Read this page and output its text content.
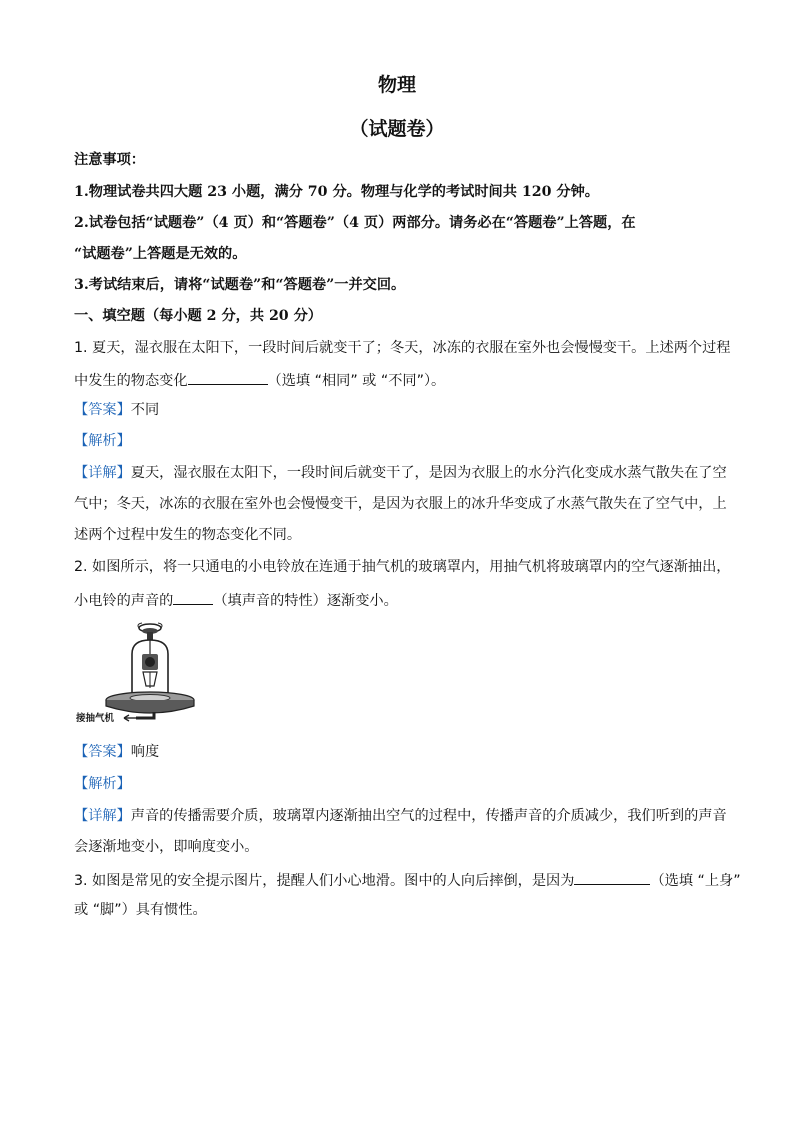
物理
（试题卷）
注意事项：
1.物理试卷共四大题 23 小题，满分 70 分。物理与化学的考试时间共 120 分钟。
2.试卷包括“试题卷”（4 页）和“答题卷”（4 页）两部分。请务必在“答题卷”上答题，在
“试题卷”上答题是无效的。
3.考试结束后，请将“试题卷”和“答题卷”一并交回。
一、填空题（每小题 2 分，共 20 分）
1. 夏天，湿衣服在太阳下，一段时间后就变干了；冬天，冰冻的衣服在室外也会慢慢变干。上述两个过程
中发生的物态变化	（选填 “相同” 或 “不同”）。
【答案】不同
【解析】
【详解】夏天，湿衣服在太阳下，一段时间后就变干了，是因为衣服上的水分汽化变成水蒸气散失在了空
气中；冬天，冰冻的衣服在室外也会慢慢变干，是因为衣服上的冰升华变成了水蒸气散失在了空气中，上
述两个过程中发生的物态变化不同。
2. 如图所示，将一只通电的小电铃放在连通于抽气机的玻璃罩内，用抽气机将玻璃罩内的空气逐渐抽出，
小电铃的声音的	（填声音的特性）逐渐变小。
接抽气机
【答案】响度
【解析】
【详解】声音的传播需要介质，玻璃罩内逐渐抽出空气的过程中，传播声音的介质减少，我们听到的声音
会逐渐地变小，即响度变小。
3. 如图是常见的安全提示图片，提醒人们小心地滑。图中的人向后摔倒，是因为	（选填 “上身”
或 “脚”）具有惯性。
